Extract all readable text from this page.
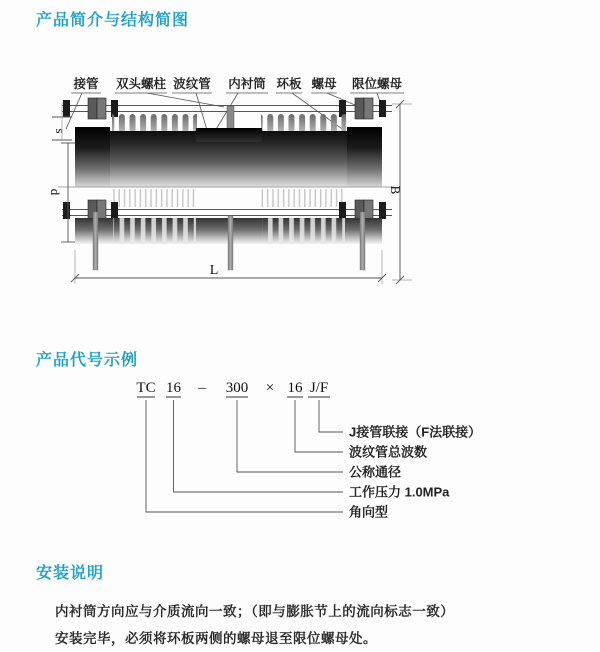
接管 双头螺柱 波纹管 内衬筒 环板 螺母 限位螺母
s
d	B
L
TC 16 – 300 × 16 J/F
J接管联接（F法联接）
波纹管总波数
公称通径
工作压力 1.0MPa
角向型
产品简介与结构简图
产品代号示例
安装说明
内衬筒方向应与介质流向一致；（即与膨胀节上的流向标志一致）
安装完毕，必须将环板两侧的螺母退至限位螺母处。
